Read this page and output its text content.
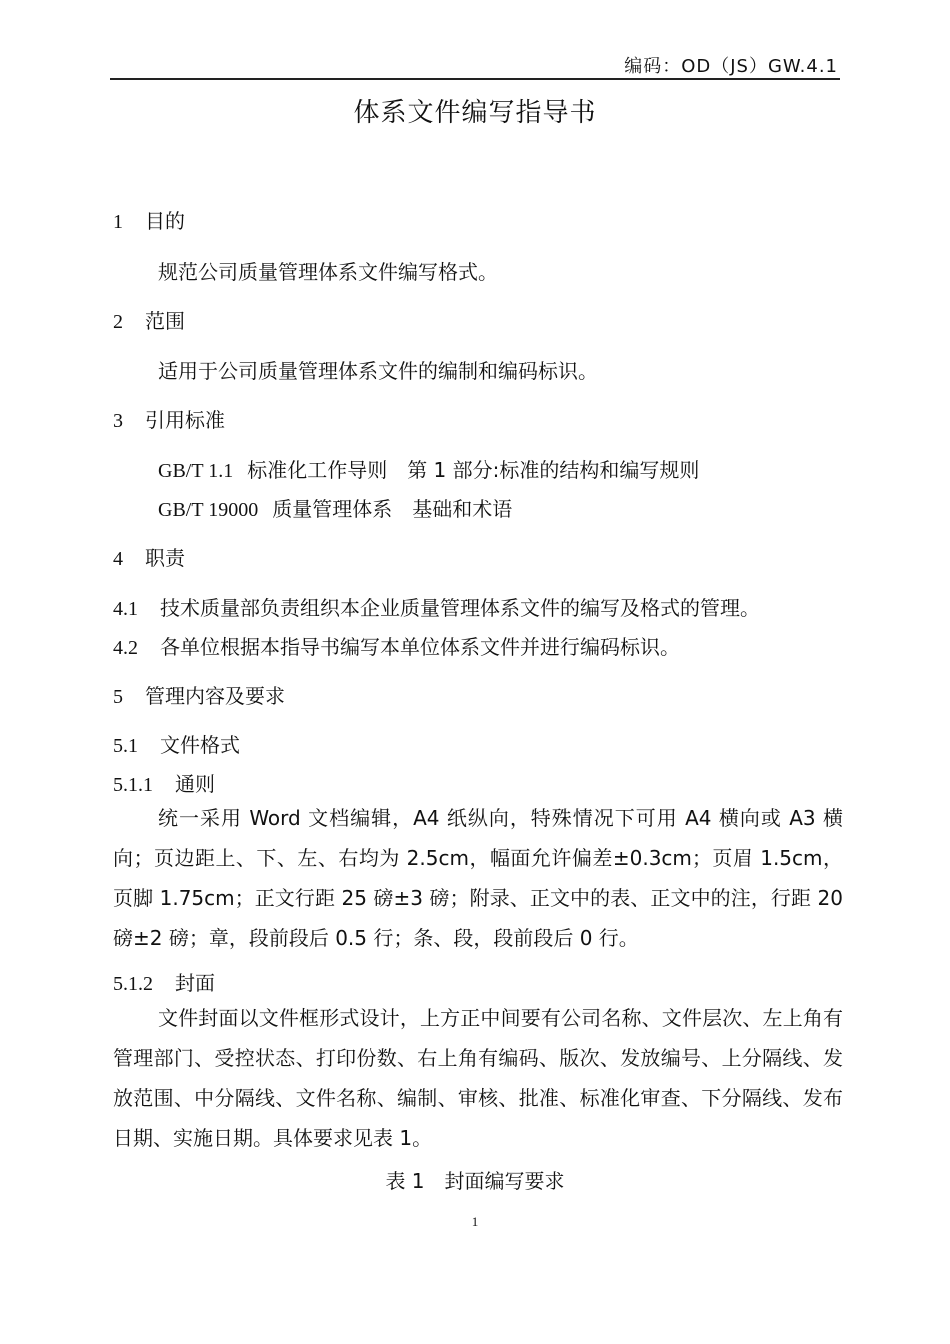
编码：OD（JS）GW.4.1
体系文件编写指导书
1 目的
规范公司质量管理体系文件编写格式。
2 范围
适用于公司质量管理体系文件的编制和编码标识。
3 引用标准
GB/T 1.1 标准化工作导则　第 1 部分:标准的结构和编写规则
GB/T 19000 质量管理体系　基础和术语
4 职责
4.1 技术质量部负责组织本企业质量管理体系文件的编写及格式的管理。
4.2 各单位根据本指导书编写本单位体系文件并进行编码标识。
5 管理内容及要求
5.1 文件格式
5.1.1 通则

统一采用 Word 文档编辑，A4 纸纵向，特殊情况下可用 A4 横向或 A3 横向；页边距上、下、左、右均为 2.5cm，幅面允许偏差±0.3cm；页眉 1.5cm，页脚 1.75cm；正文行距 25 磅±3 磅；附录、正文中的表、正文中的注，行距 20 磅±2 磅；章，段前段后 0.5 行；条、段，段前段后 0 行。

5.1.2 封面

文件封面以文件框形式设计，上方正中间要有公司名称、文件层次、左上角有管理部门、受控状态、打印份数、右上角有编码、版次、发放编号、上分隔线、发放范围、中分隔线、文件名称、编制、审核、批准、标准化审查、下分隔线、发布日期、实施日期。具体要求见表 1。

表 1　封面编写要求
1
